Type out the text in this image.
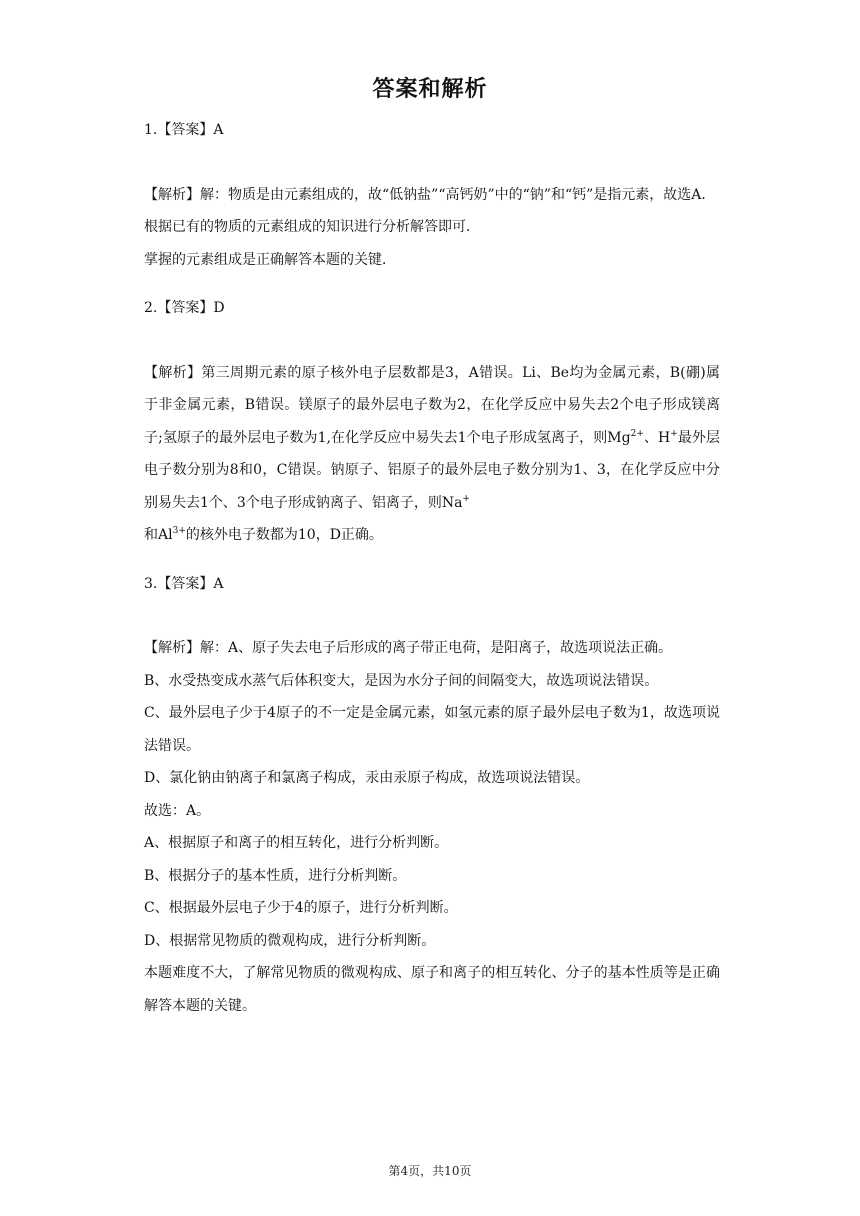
答案和解析

1.【答案】A

【解析】解：物质是由元素组成的，故“低钠盐”“高钙奶”中的“钠”和“钙”是指元素，故选A．

根据已有的物质的元素组成的知识进行分析解答即可．

掌握的元素组成是正确解答本题的关键．

2.【答案】D

【解析】第三周期元素的原子核外电子层数都是3，A错误。Li、Be均为金属元素，B(硼)属于非金属元素，B错误。镁原子的最外层电子数为2，在化学反应中易失去2个电子形成镁离子;氢原子的最外层电子数为1,在化学反应中易失去1个电子形成氢离子，则$Mg^{2+}$、H+最外层电子数分别为8和0，C错误。钠原子、铝原子的最外层电子数分别为1、3，在化学反应中分别易失去1个、3个电子形成钠离子、铝离子，则Na+
和$Al^{3+}$的核外电子数都为10，D正确。

3.【答案】A

【解析】解：A、原子失去电子后形成的离子带正电荷，是阳离子，故选项说法正确。

B、水受热变成水蒸气后体积变大，是因为水分子间的间隔变大，故选项说法错误。

C、最外层电子少于4原子的不一定是金属元素，如氢元素的原子最外层电子数为1，故选项说法错误。

D、氯化钠由钠离子和氯离子构成，汞由汞原子构成，故选项说法错误。

故选：A。

A、根据原子和离子的相互转化，进行分析判断。

B、根据分子的基本性质，进行分析判断。

C、根据最外层电子少于4的原子，进行分析判断。

D、根据常见物质的微观构成，进行分析判断。

本题难度不大，了解常见物质的微观构成、原子和离子的相互转化、分子的基本性质等是正确解答本题的关键。

第4页，共10页
